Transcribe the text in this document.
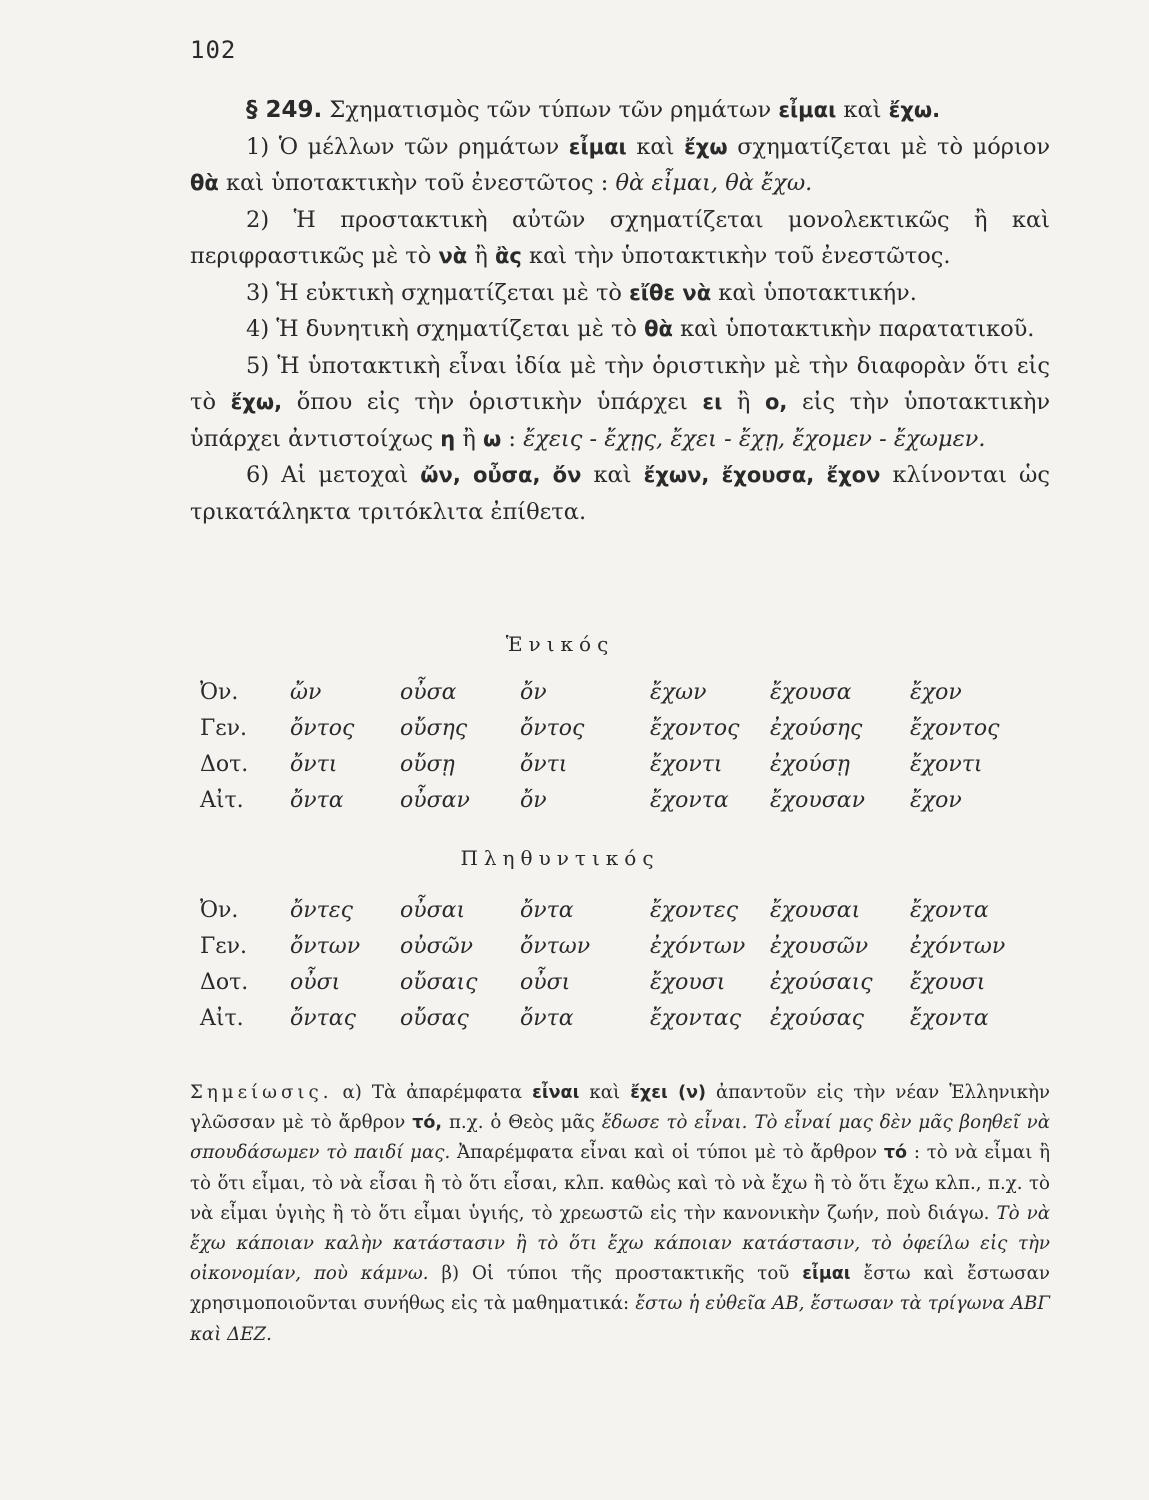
102

§ 249. Σχηματισμὸς τῶν τύπων τῶν ρημάτων εἶμαι καὶ ἔχω.

1) Ὁ μέλλων τῶν ρημάτων εἶμαι καὶ ἔχω σχηματίζεται μὲ τὸ μόριον θὰ καὶ ὑποτακτικὴν τοῦ ἐνεστῶτος : θὰ εἶμαι, θὰ ἔχω.

2) Ἡ προστακτικὴ αὐτῶν σχηματίζεται μονολεκτικῶς ἢ καὶ περιφραστικῶς μὲ τὸ νὰ ἢ ἂς καὶ τὴν ὑποτακτικὴν τοῦ ἐνεστῶτος.

3) Ἡ εὐκτικὴ σχηματίζεται μὲ τὸ εἴθε νὰ καὶ ὑποτακτικήν.

4) Ἡ δυνητικὴ σχηματίζεται μὲ τὸ θὰ καὶ ὑποτακτικὴν παρατατικοῦ.

5) Ἡ ὑποτακτικὴ εἶναι ἰδία μὲ τὴν ὁριστικὴν μὲ τὴν διαφορὰν ὅτι εἰς τὸ ἔχω, ὅπου εἰς τὴν ὁριστικὴν ὑπάρχει ει ἢ ο, εἰς τὴν ὑποτακτικὴν ὑπάρχει ἀντιστοίχως η ἢ ω : ἔχεις - ἔχῃς, ἔχει - ἔχῃ, ἔχομεν - ἔχωμεν.

6) Αἱ μετοχαὶ ὤν, οὖσα, ὄν καὶ ἔχων, ἔχουσα, ἔχον κλίνονται ὡς τρικατάληκτα τριτόκλιτα ἐπίθετα.

Ἑνικός
Ὀν. ὤν	οὖσα	ὄν	ἔχων	ἔχουσα	ἔχον
Γεν. ὄντος οὔσης ὄντος	ἔχοντος ἐχούσης ἔχοντος
Δοτ. ὄντι	οὔσῃ	ὄντι	ἔχοντι ἐχούσῃ	ἔχοντι
Αἰτ. ὄντα	οὖσαν ὄν	ἔχοντα ἔχουσαν ἔχον
Πληθυντικός
Ὀν. ὄντες οὖσαι ὄντα	ἔχοντες ἔχουσαι ἔχοντα
Γεν. ὄντων οὐσῶν ὄντων	ἐχόντων ἐχουσῶν ἐχόντων
Δοτ. οὖσι	οὔσαις οὖσι	ἔχουσι ἐχούσαις ἔχουσι
Αἰτ. ὄντας οὔσας ὄντα	ἔχοντας ἐχούσας ἔχοντα
Σημείωσις. α) Τὰ ἀπαρέμφατα εἶναι καὶ ἔχει (ν) ἀπαντοῦν εἰς τὴν νέαν Ἑλληνικὴν γλῶσσαν μὲ τὸ ἄρθρον τό, π.χ. ὁ Θεὸς μᾶς ἔδωσε τὸ εἶναι. Τὸ εἶναί μας δὲν μᾶς βοηθεῖ νὰ σπουδάσωμεν τὸ παιδί μας. Ἀπαρέμφατα εἶναι καὶ οἱ τύποι μὲ τὸ ἄρθρον τό : τὸ νὰ εἶμαι ἢ τὸ ὅτι εἶμαι, τὸ νὰ εἶσαι ἢ τὸ ὅτι εἶσαι, κλπ. καθὼς καὶ τὸ νὰ ἔχω ἢ τὸ ὅτι ἔχω κλπ., π.χ. τὸ νὰ εἶμαι ὑγιὴς ἢ τὸ ὅτι εἶμαι ὑγιής, τὸ χρεωστῶ εἰς τὴν κανονικὴν ζωήν, ποὺ διάγω. Τὸ νὰ ἔχω κάποιαν καλὴν κατάστασιν ἢ τὸ ὅτι ἔχω κάποιαν κατάστασιν, τὸ ὀφείλω εἰς τὴν οἰκονομίαν, ποὺ κάμνω. β) Οἱ τύποι τῆς προστακτικῆς τοῦ εἶμαι ἔστω καὶ ἔστωσαν χρησιμοποιοῦνται συνήθως εἰς τὰ μαθηματικά: ἔστω ἡ εὐθεῖα ΑΒ, ἔστωσαν τὰ τρίγωνα ΑΒΓ καὶ ΔΕΖ.
